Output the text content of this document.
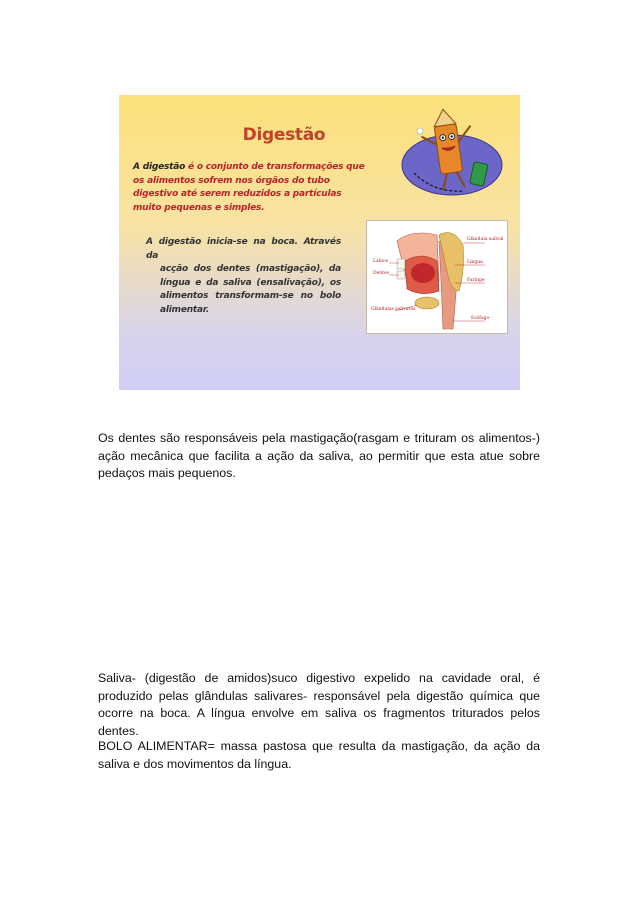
Digestão

A digestão é o conjunto de transformações que os alimentos sofrem nos órgãos do tubo digestivo até serem reduzidos a partículas muito pequenas e simples.

A digestão inicia-se na boca. Através da
acção dos dentes (mastigação), da língua e da saliva (ensalivação), os alimentos transformam-se no bolo alimentar.

Glândula salival
Lábios	Língua
Dentes
Faringe
Glândulas salivares
Esófago

Os dentes são responsáveis pela mastigação(rasgam e trituram os alimentos-) ação mecânica que facilita a ação da saliva, ao permitir que esta atue sobre pedaços mais pequenos.

Saliva- (digestão de amidos)suco digestivo expelido na cavidade oral, é produzido pelas glândulas salivares- responsável pela digestão química que ocorre na boca. A língua envolve em saliva os fragmentos triturados pelos dentes.

BOLO ALIMENTAR= massa pastosa que resulta da mastigação, da ação da saliva e dos movimentos da língua.
